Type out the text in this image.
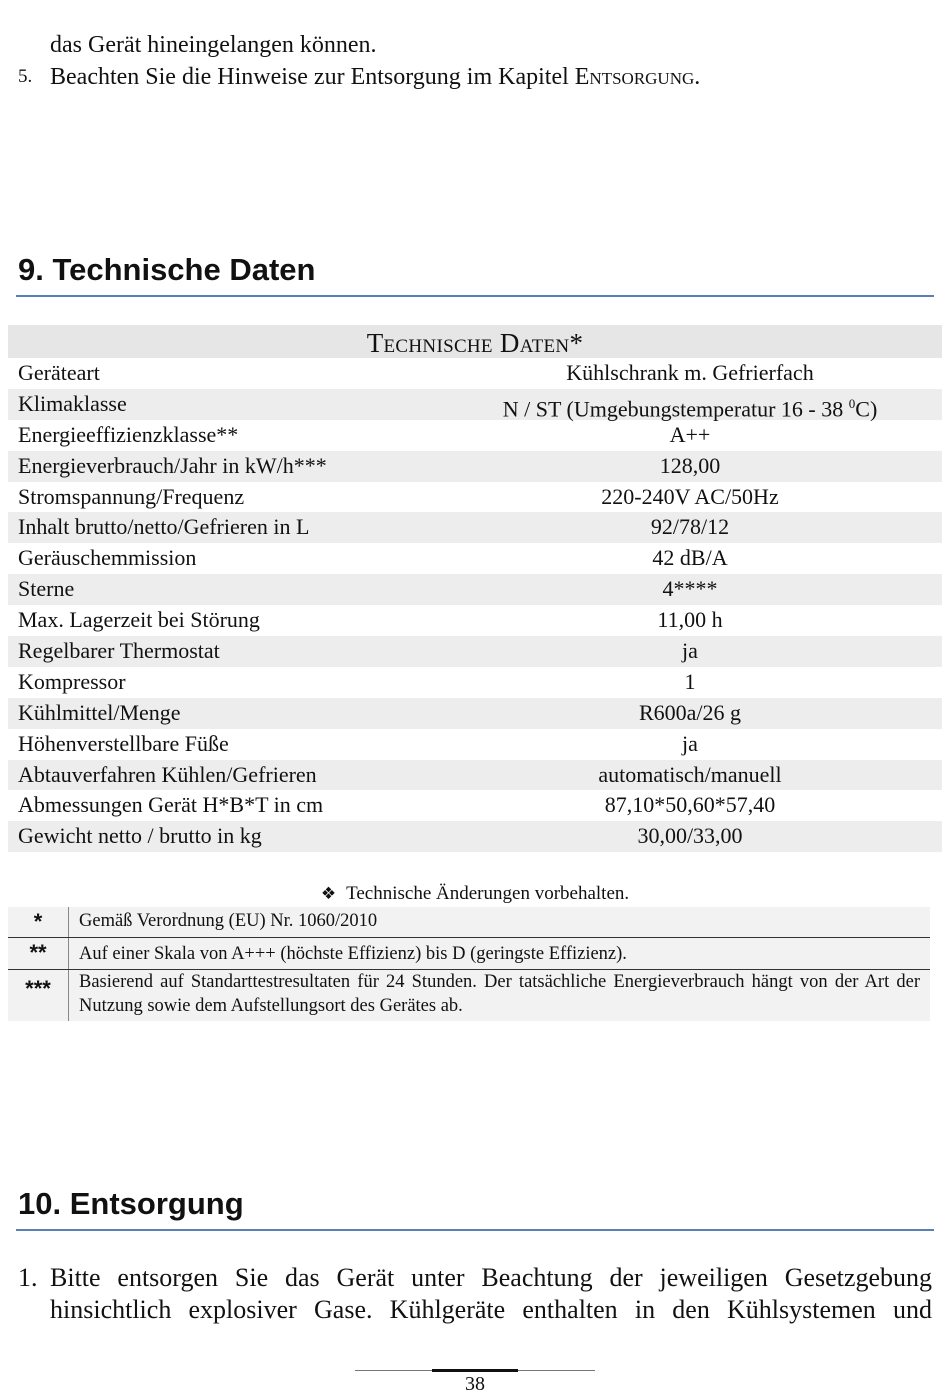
das Gerät hineingelangen können.
5. Beachten Sie die Hinweise zur Entsorgung im Kapitel Entsorgung.
9. Technische Daten
Technische Daten*
Geräteart	Kühlschrank m. Gefrierfach
Klimaklasse	N / ST (Umgebungstemperatur 16 - 38 $^0$C)
Energieeffizienzklasse**	A++
Energieverbrauch/Jahr in kW/h***	128,00
Stromspannung/Frequenz	220-240V AC/50Hz
Inhalt brutto/netto/Gefrieren in L	92/78/12
Geräuschemmission	42 dB/A
Sterne	4****
Max. Lagerzeit bei Störung	11,00 h
Regelbarer Thermostat	ja
Kompressor	1
Kühlmittel/Menge	R600a/26 g
Höhenverstellbare Füße	ja
Abtauverfahren Kühlen/Gefrieren	automatisch/manuell
Abmessungen Gerät H*B*T in cm	87,10*50,60*57,40
Gewicht netto / brutto in kg	30,00/33,00
❖ Technische Änderungen vorbehalten.
*	Gemäß Verordnung (EU) Nr. 1060/2010
**	Auf einer Skala von A+++ (höchste Effizienz) bis D (geringste Effizienz).
***	Basierend auf Standarttestresultaten für 24 Stunden. Der tatsächliche Energieverbrauch hängt von der Art der Nutzung sowie dem Aufstellungsort des Gerätes ab.
10. Entsorgung
1. Bitte entsorgen Sie das Gerät unter Beachtung der jeweiligen Gesetzgebung
hinsichtlich explosiver Gase. Kühlgeräte enthalten in den Kühlsystemen und
38
